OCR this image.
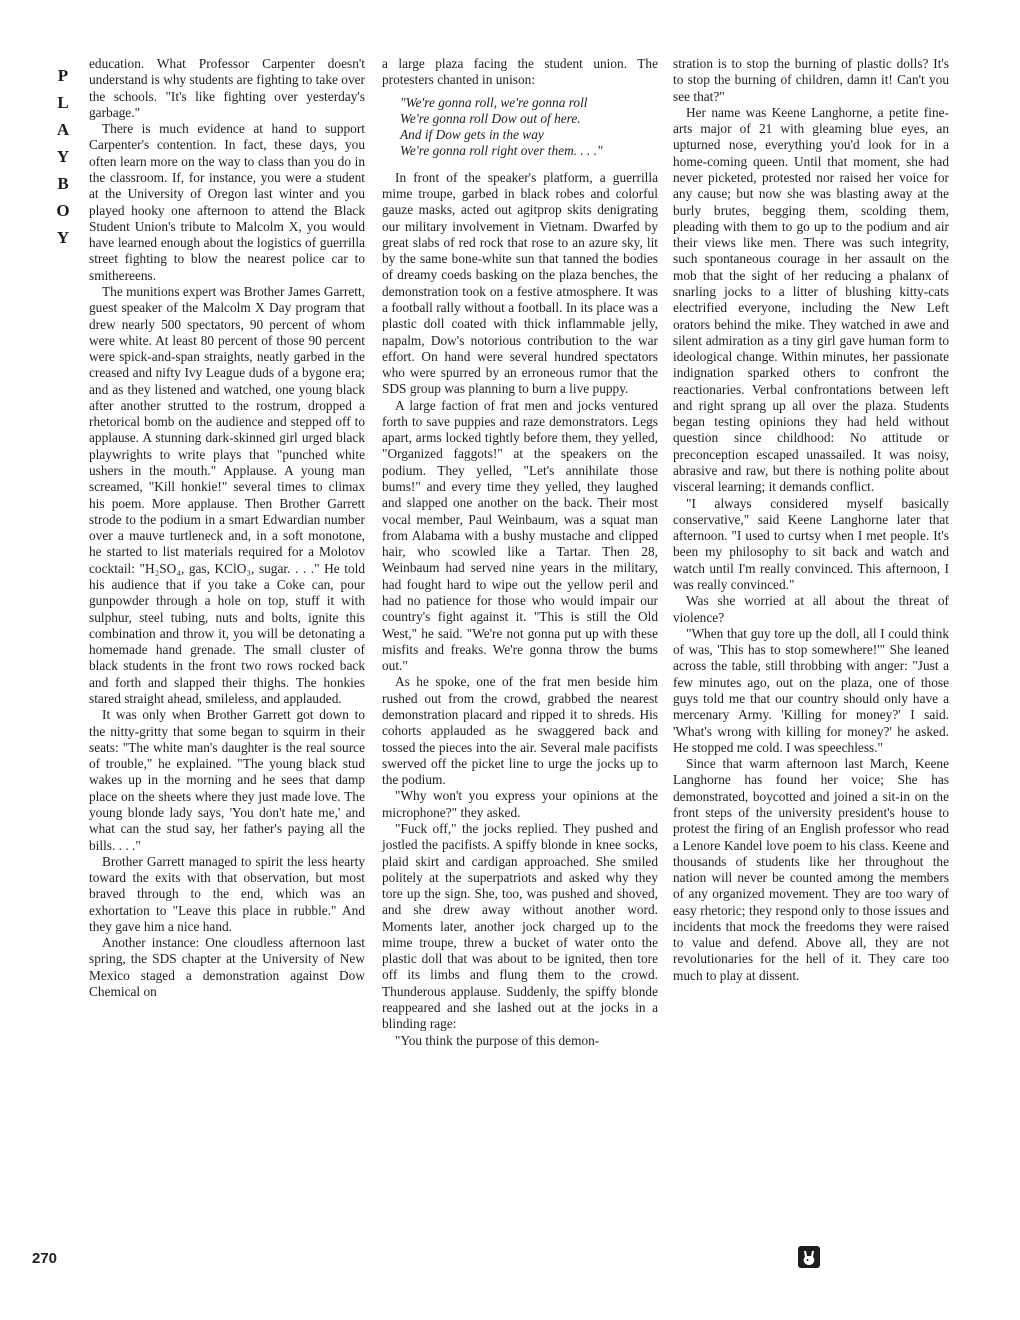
P
L
A
Y
B
O
Y

education. What Professor Carpenter doesn't understand is why students are fighting to take over the schools. "It's like fighting over yesterday's garbage."

There is much evidence at hand to support Carpenter's contention. In fact, these days, you often learn more on the way to class than you do in the classroom. If, for instance, you were a student at the University of Oregon last winter and you played hooky one afternoon to attend the Black Student Union's tribute to Malcolm X, you would have learned enough about the logistics of guerrilla street fighting to blow the nearest police car to smithereens.

The munitions expert was Brother James Garrett, guest speaker of the Malcolm X Day program that drew nearly 500 spectators, 90 percent of whom were white. At least 80 percent of those 90 percent were spick-and-span straights, neatly garbed in the creased and nifty Ivy League duds of a bygone era; and as they listened and watched, one young black after another strutted to the rostrum, dropped a rhetorical bomb on the audience and stepped off to applause. A stunning dark-skinned girl urged black playwrights to write plays that "punched white ushers in the mouth." Applause. A young man screamed, "Kill honkie!" several times to climax his poem. More applause. Then Brother Garrett strode to the podium in a smart Edwardian number over a mauve turtleneck and, in a soft monotone, he started to list materials required for a Molotov cocktail: "H₂SO₄, gas, KClO₃, sugar. . . ." He told his audience that if you take a Coke can, pour gunpowder through a hole on top, stuff it with sulphur, steel tubing, nuts and bolts, ignite this combination and throw it, you will be detonating a homemade hand grenade. The small cluster of black students in the front two rows rocked back and forth and slapped their thighs. The honkies stared straight ahead, smileless, and applauded.

It was only when Brother Garrett got down to the nitty-gritty that some began to squirm in their seats: "The white man's daughter is the real source of trouble," he explained. "The young black stud wakes up in the morning and he sees that damp place on the sheets where they just made love. The young blonde lady says, 'You don't hate me,' and what can the stud say, her father's paying all the bills. . . ."

Brother Garrett managed to spirit the less hearty toward the exits with that observation, but most braved through to the end, which was an exhortation to "Leave this place in rubble." And they gave him a nice hand.

Another instance: One cloudless afternoon last spring, the SDS chapter at the University of New Mexico staged a demonstration against Dow Chemical on

a large plaza facing the student union. The protesters chanted in unison:

"We're gonna roll, we're gonna roll
We're gonna roll Dow out of here.
And if Dow gets in the way
We're gonna roll right over them. . . ."

In front of the speaker's platform, a guerrilla mime troupe, garbed in black robes and colorful gauze masks, acted out agitprop skits denigrating our military involvement in Vietnam. Dwarfed by great slabs of red rock that rose to an azure sky, lit by the same bone-white sun that tanned the bodies of dreamy coeds basking on the plaza benches, the demonstration took on a festive atmosphere. It was a football rally without a football. In its place was a plastic doll coated with thick inflammable jelly, napalm, Dow's notorious contribution to the war effort. On hand were several hundred spectators who were spurred by an erroneous rumor that the SDS group was planning to burn a live puppy.

A large faction of frat men and jocks ventured forth to save puppies and raze demonstrators. Legs apart, arms locked tightly before them, they yelled, "Organized faggots!" at the speakers on the podium. They yelled, "Let's annihilate those bums!" and every time they yelled, they laughed and slapped one another on the back. Their most vocal member, Paul Weinbaum, was a squat man from Alabama with a bushy mustache and clipped hair, who scowled like a Tartar. Then 28, Weinbaum had served nine years in the military, had fought hard to wipe out the yellow peril and had no patience for those who would impair our country's fight against it. "This is still the Old West," he said. "We're not gonna put up with these misfits and freaks. We're gonna throw the bums out."

As he spoke, one of the frat men beside him rushed out from the crowd, grabbed the nearest demonstration placard and ripped it to shreds. His cohorts applauded as he swaggered back and tossed the pieces into the air. Several male pacifists swerved off the picket line to urge the jocks up to the podium.

"Why won't you express your opinions at the microphone?" they asked.

"Fuck off," the jocks replied. They pushed and jostled the pacifists. A spiffy blonde in knee socks, plaid skirt and cardigan approached. She smiled politely at the superpatriots and asked why they tore up the sign. She, too, was pushed and shoved, and she drew away without another word. Moments later, another jock charged up to the mime troupe, threw a bucket of water onto the plastic doll that was about to be ignited, then tore off its limbs and flung them to the crowd. Thunderous applause. Suddenly, the spiffy blonde reappeared and she lashed out at the jocks in a blinding rage:

"You think the purpose of this demon-

stration is to stop the burning of plastic dolls? It's to stop the burning of children, damn it! Can't you see that?"

Her name was Keene Langhorne, a petite fine-arts major of 21 with gleaming blue eyes, an upturned nose, everything you'd look for in a home-coming queen. Until that moment, she had never picketed, protested nor raised her voice for any cause; but now she was blasting away at the burly brutes, begging them, scolding them, pleading with them to go up to the podium and air their views like men. There was such integrity, such spontaneous courage in her assault on the mob that the sight of her reducing a phalanx of snarling jocks to a litter of blushing kitty-cats electrified everyone, including the New Left orators behind the mike. They watched in awe and silent admiration as a tiny girl gave human form to ideological change. Within minutes, her passionate indignation sparked others to confront the reactionaries. Verbal confrontations between left and right sprang up all over the plaza. Students began testing opinions they had held without question since childhood: No attitude or preconception escaped unassailed. It was noisy, abrasive and raw, but there is nothing polite about visceral learning; it demands conflict.

"I always considered myself basically conservative," said Keene Langhorne later that afternoon. "I used to curtsy when I met people. It's been my philosophy to sit back and watch and watch until I'm really convinced. This afternoon, I was really convinced."

Was she worried at all about the threat of violence?

"When that guy tore up the doll, all I could think of was, 'This has to stop somewhere!'" She leaned across the table, still throbbing with anger: "Just a few minutes ago, out on the plaza, one of those guys told me that our country should only have a mercenary Army. 'Killing for money?' I said. 'What's wrong with killing for money?' he asked. He stopped me cold. I was speechless."

Since that warm afternoon last March, Keene Langhorne has found her voice; She has demonstrated, boycotted and joined a sit-in on the front steps of the university president's house to protest the firing of an English professor who read a Lenore Kandel love poem to his class. Keene and thousands of students like her throughout the nation will never be counted among the members of any organized movement. They are too wary of easy rhetoric; they respond only to those issues and incidents that mock the freedoms they were raised to value and defend. Above all, they are not revolutionaries for the hell of it. They care too much to play at dissent.

270
